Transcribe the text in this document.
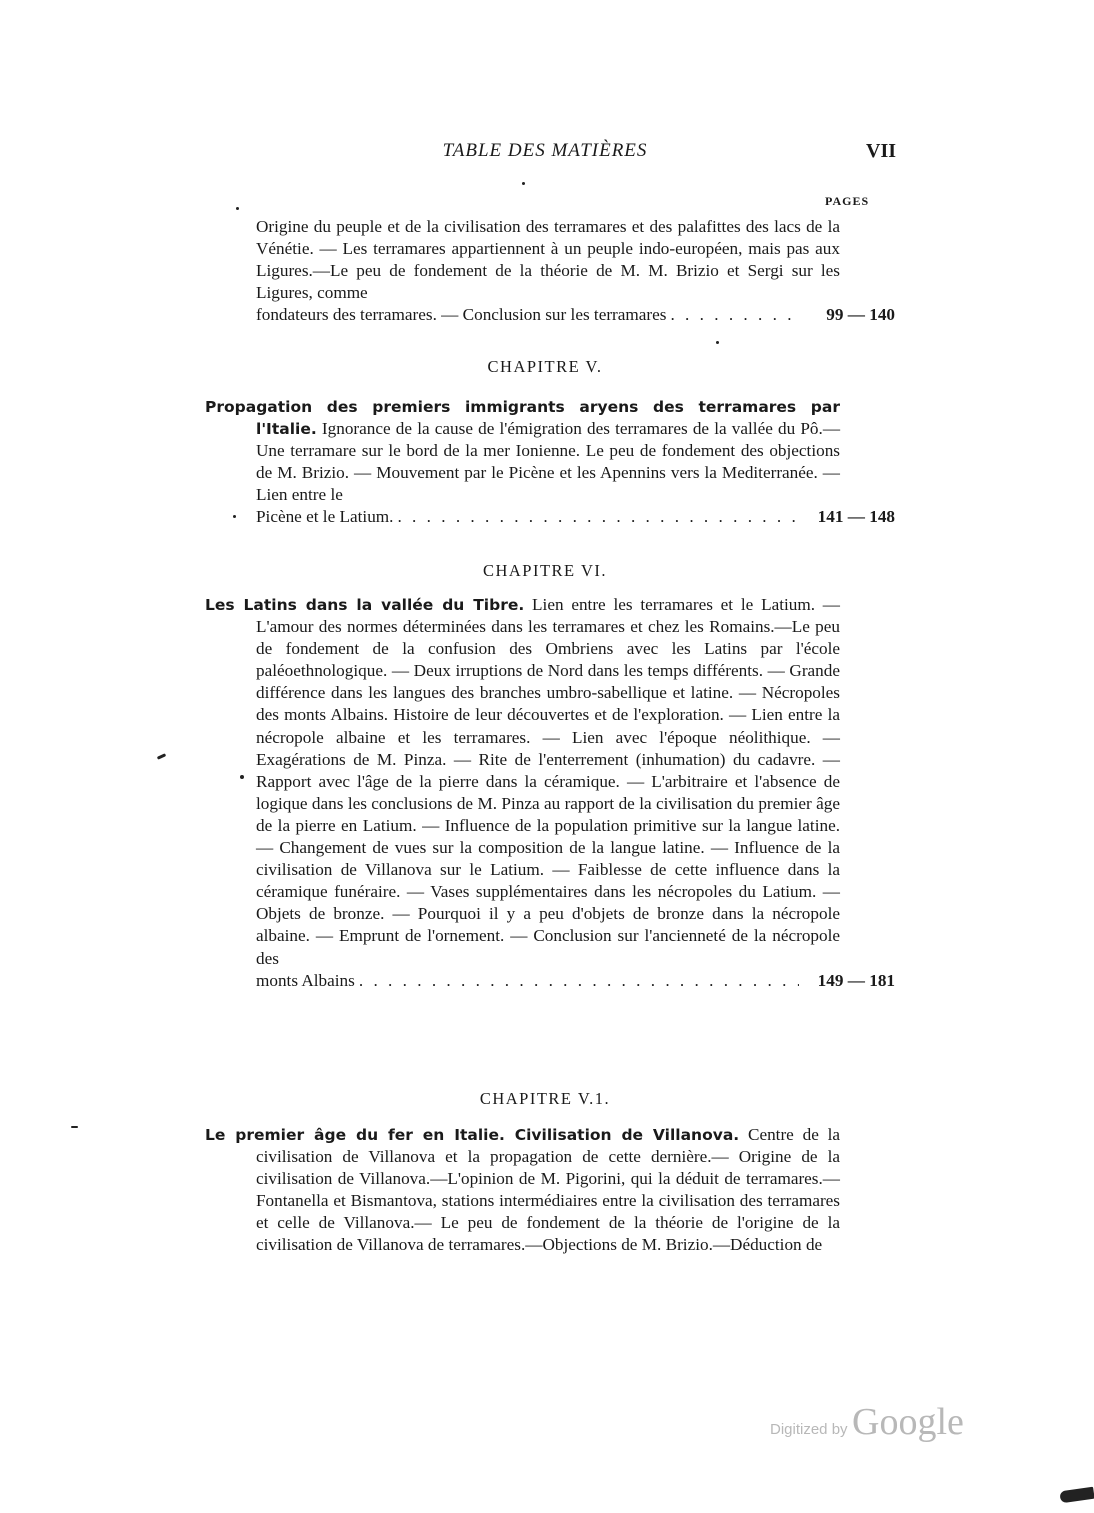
TABLE DES MATIÈRES	VII
PAGES
Origine du peuple et de la civilisation des terramares et des palafittes des lacs de la Vénétie. — Les terramares appartiennent à un peuple indo-européen, mais pas aux Ligures.—Le peu de fondement de la théorie de M. M. Brizio et Sergi sur les Ligures, comme
fondateurs des terramares. — Conclusion sur les terramares . . .	99 — 140
CHAPITRE V.
Propagation des premiers immigrants aryens des terramares par l'Italie. Ignorance de la cause de l'émigration des terramares de la vallée du Pô.—Une terramare sur le bord de la mer Ionienne. Le peu de fondement des objections de M. Brizio. — Mouvement par le Picène et les Apennins vers la Mediterranée. — Lien entre le
Picène et le Latium. . . .	141 — 148
CHAPITRE VI.
Les Latins dans la vallée du Tibre. Lien entre les terramares et le Latium. — L'amour des normes déterminées dans les terramares et chez les Romains.—Le peu de fondement de la confusion des Ombriens avec les Latins par l'école paléoethnologique. — Deux irruptions de Nord dans les temps différents. — Grande différence dans les langues des branches umbro-sabellique et latine. — Nécropoles des monts Albains. Histoire de leur découvertes et de l'exploration. — Lien entre la nécropole albaine et les terramares. — Lien avec l'époque néolithique. — Exagérations de M. Pinza. — Rite de l'enterrement (inhumation) du cadavre. — Rapport avec l'âge de la pierre dans la céramique. — L'arbitraire et l'absence de logique dans les conclusions de M. Pinza au rapport de la civilisation du premier âge de la pierre en Latium. — Influence de la population primitive sur la langue latine. — Changement de vues sur la composition de la langue latine. — Influence de la civilisation de Villanova sur le Latium. — Faiblesse de cette influence dans la céramique funéraire. — Vases supplémentaires dans les nécropoles du Latium. — Objets de bronze. — Pourquoi il y a peu d'objets de bronze dans la nécropole albaine. — Emprunt de l'ornement. — Conclusion sur l'ancienneté de la nécropole des
monts Albains . . .	149 — 181
CHAPITRE V.1.
Le premier âge du fer en Italie. Civilisation de Villanova. Centre de la civilisation de Villanova et la propagation de cette dernière.— Origine de la civilisation de Villanova.—L'opinion de M. Pigorini, qui la déduit de terramares.—Fontanella et Bismantova, stations intermédiaires entre la civilisation des terramares et celle de Villanova.— Le peu de fondement de la théorie de l'origine de la civilisation de Villanova de terramares.—Objections de M. Brizio.—Déduction de
Digitized by Google
